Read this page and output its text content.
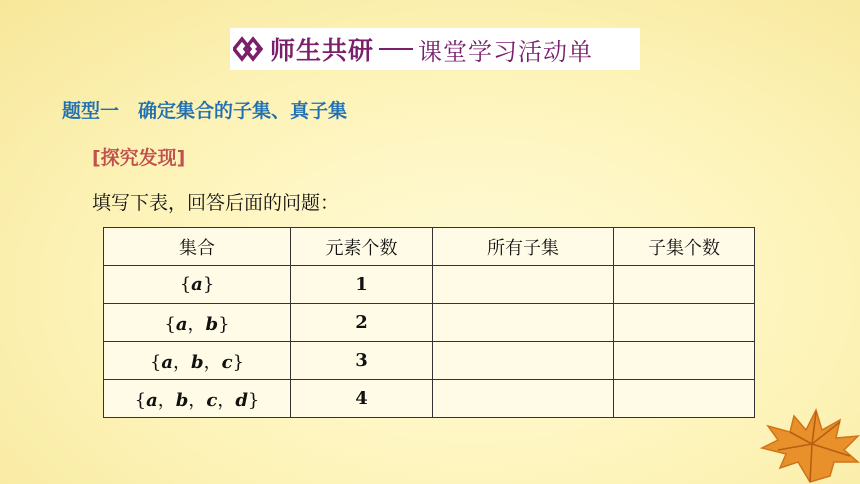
师生共研 课堂学习活动单
题型一　确定集合的子集、真子集
[探究发现]
填写下表，回答后面的问题：
集合	元素个数	所有子集	子集个数
{a}	1		
{a，b}	2		
{a，b，c}	3		
{a，b，c，d}	4		
